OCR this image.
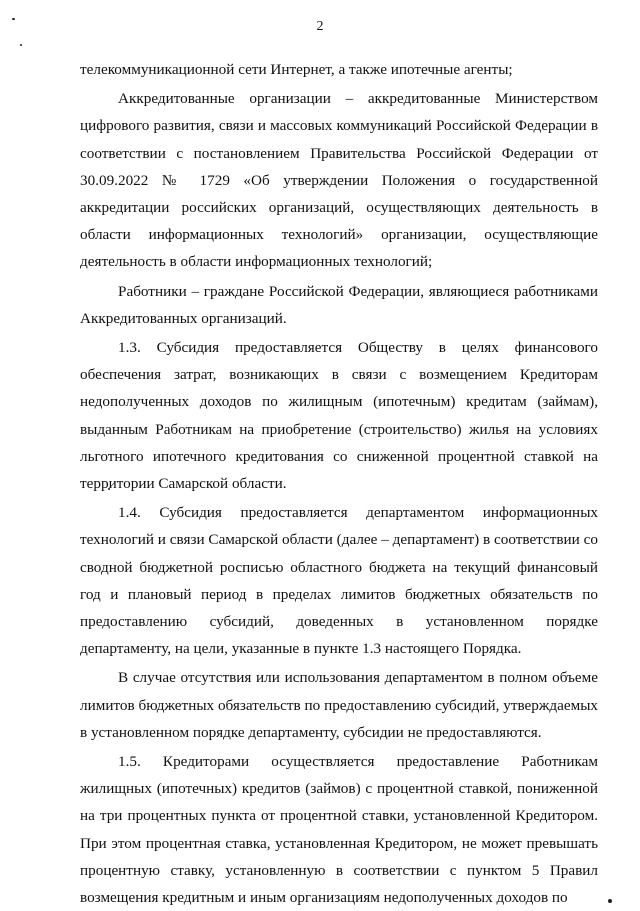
2

телекоммуникационной сети Интернет, а также ипотечные агенты;

Аккредитованные организации – аккредитованные Министерством цифрового развития, связи и массовых коммуникаций Российской Федерации в соответствии с постановлением Правительства Российской Федерации от 30.09.2022 № 1729 «Об утверждении Положения о государственной аккредитации российских организаций, осуществляющих деятельность в области информационных технологий» организации, осуществляющие деятельность в области информационных технологий;

Работники – граждане Российской Федерации, являющиеся работниками Аккредитованных организаций.

1.3. Субсидия предоставляется Обществу в целях финансового обеспечения затрат, возникающих в связи с возмещением Кредиторам недополученных доходов по жилищным (ипотечным) кредитам (займам), выданным Работникам на приобретение (строительство) жилья на условиях льготного ипотечного кредитования со сниженной процентной ставкой на территории Самарской области.

1.4. Субсидия предоставляется департаментом информационных технологий и связи Самарской области (далее – департамент) в соответствии со сводной бюджетной росписью областного бюджета на текущий финансовый год и плановый период в пределах лимитов бюджетных обязательств по предоставлению субсидий, доведенных в установленном порядке департаменту, на цели, указанные в пункте 1.3 настоящего Порядка.

В случае отсутствия или использования департаментом в полном объеме лимитов бюджетных обязательств по предоставлению субсидий, утверждаемых в установленном порядке департаменту, субсидии не предоставляются.

1.5. Кредиторами осуществляется предоставление Работникам жилищных (ипотечных) кредитов (займов) с процентной ставкой, пониженной на три процентных пункта от процентной ставки, установленной Кредитором. При этом процентная ставка, установленная Кредитором, не может превышать процентную ставку, установленную в соответствии с пунктом 5 Правил возмещения кредитным и иным организациям недополученных доходов по
